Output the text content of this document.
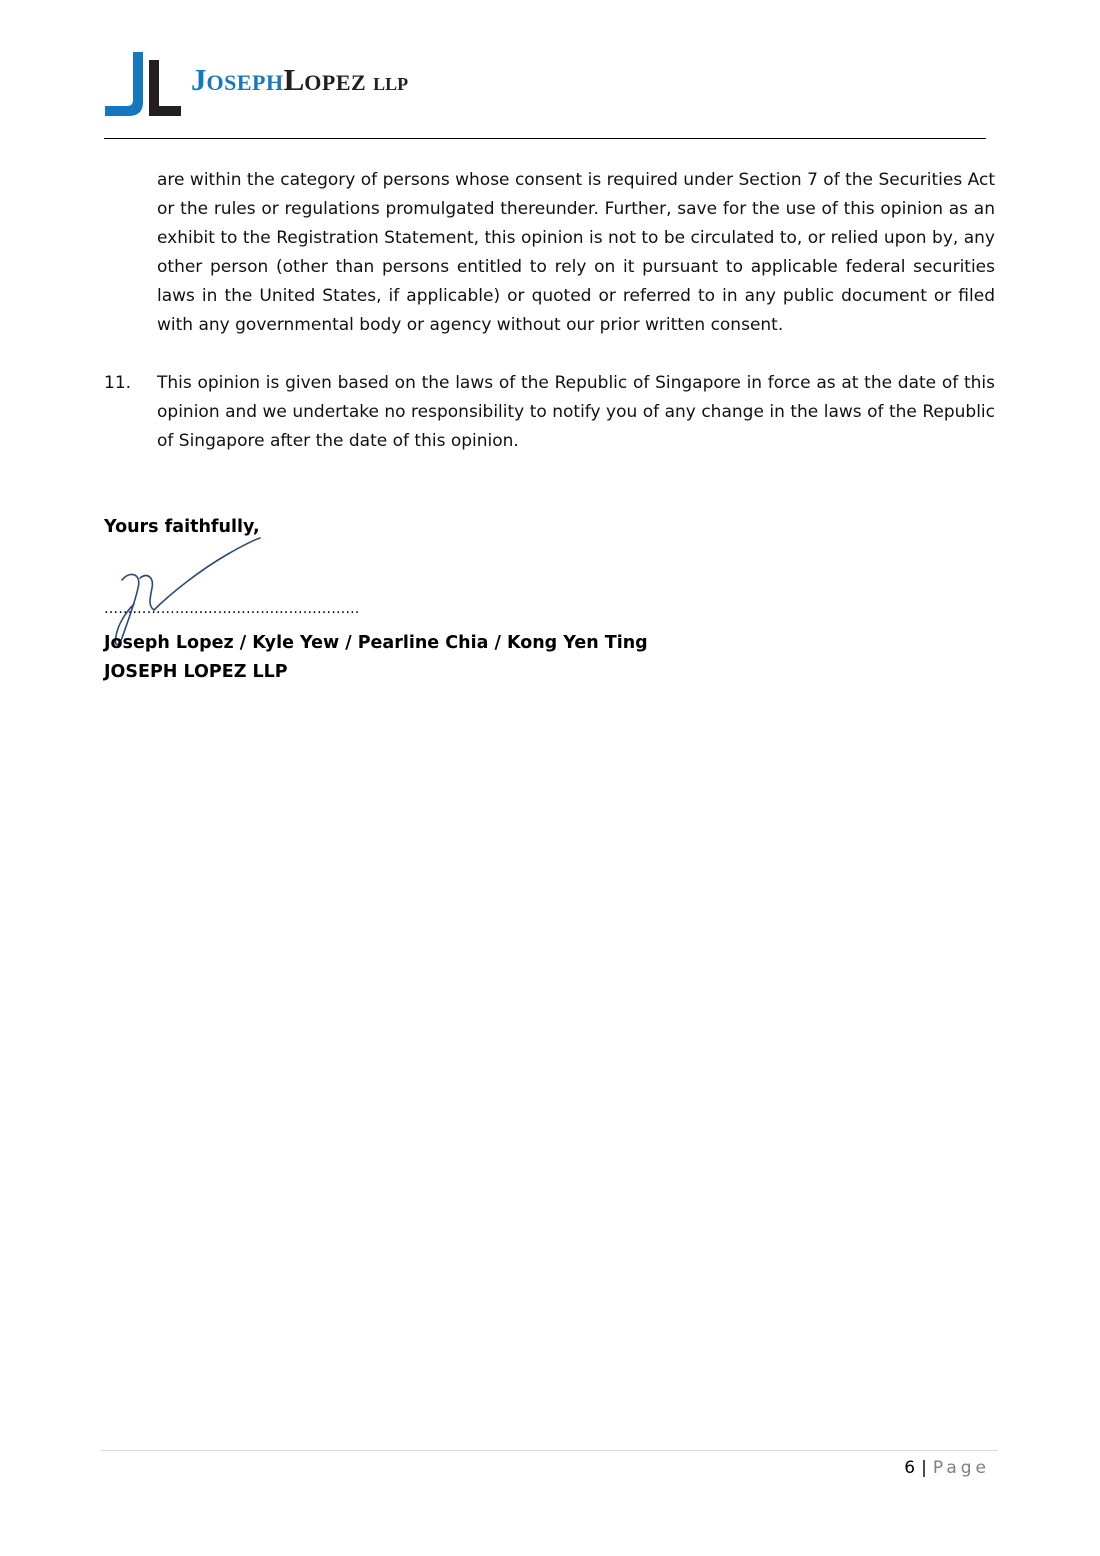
JOSEPHLOPEZ LLP
are within the category of persons whose consent is required under Section 7 of the Securities Act or the rules or regulations promulgated thereunder. Further, save for the use of this opinion as an exhibit to the Registration Statement, this opinion is not to be circulated to, or relied upon by, any other person (other than persons entitled to rely on it pursuant to applicable federal securities laws in the United States, if applicable) or quoted or referred to in any public document or filed with any governmental body or agency without our prior written consent.
11. This opinion is given based on the laws of the Republic of Singapore in force as at the date of this opinion and we undertake no responsibility to notify you of any change in the laws of the Republic of Singapore after the date of this opinion.
Yours faithfully,
………………………………………………
Joseph Lopez / Kyle Yew / Pearline Chia / Kong Yen Ting
JOSEPH LOPEZ LLP
6 | Page
